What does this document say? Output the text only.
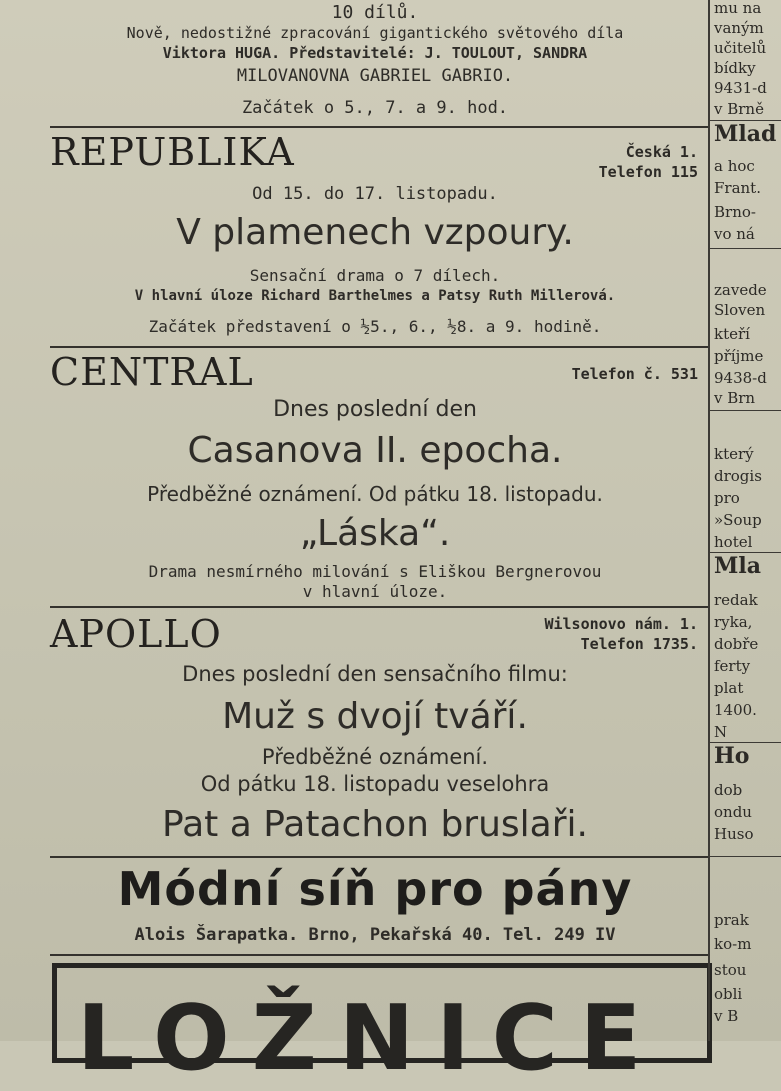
10 dílů.
Nově, nedostižné zpracování gigantického světového díla
Viktora HUGA. Představitelé: J. TOULOUT, SANDRA
MILOVANOVNA GABRIEL GABRIO.
Začátek o 5., 7. a 9. hod.
REPUBLIKA	Česká 1.
Telefon 115
Od 15. do 17. listopadu.
V plamenech vzpoury.
Sensační drama o 7 dílech.
V hlavní úloze Richard Barthelmes a Patsy Ruth Millerová.
Začátek představení o ½5., 6., ½8. a 9. hodině.
CENTRAL	Telefon č. 531
Dnes poslední den
Casanova II. epocha.
Předběžné oznámení. Od pátku 18. listopadu.
„Láska“.
Drama nesmírného milování s Eliškou Bergnerovou
v hlavní úloze.
APOLLO	Wilsonovo nám. 1.
Telefon 1735.
Dnes poslední den sensačního filmu:
Muž s dvojí tváří.
Předběžné oznámení.
Od pátku 18. listopadu veselohra
Pat a Patachon bruslaři.
Módní síň pro pány
Alois Šarapatka. Brno, Pekařská 40. Tel. 249 IV
LOŽNICE
mu na
vaným
učitelů
bídky
9431-d
v Brně
Mlad
a hoc
Frant.
Brno-
vo ná
zavede
Sloven
kteří
příjme
9438-d
v Brn
který
drogis
pro
»Soup
hotel
Mla
redak
ryka,
dobře
ferty
plat
1400.
N
Ho
dob
ondu
Huso
prak
ko-m
stou
obli
v B
